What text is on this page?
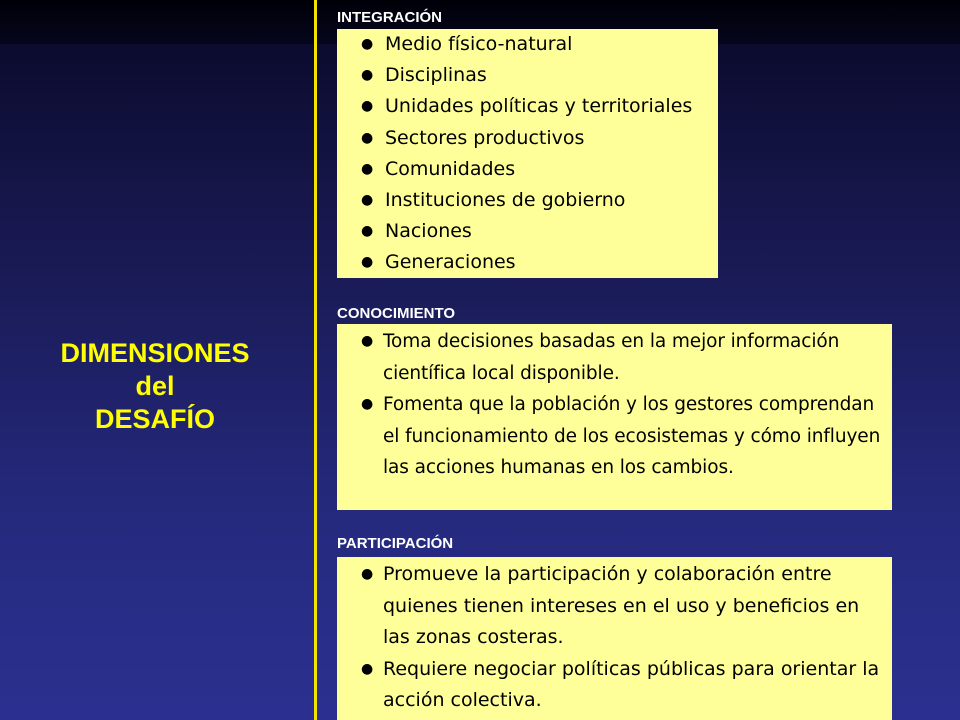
DIMENSIONES
del
DESAFÍO
INTEGRACIÓN
● Medio físico-natural
● Disciplinas
● Unidades políticas y territoriales
● Sectores productivos
● Comunidades
● Instituciones de gobierno
● Naciones
● Generaciones
CONOCIMIENTO
● Toma decisiones basadas en la mejor información científica local disponible.
● Fomenta que la población y los gestores comprendan el funcionamiento de los ecosistemas y cómo influyen las acciones humanas en los cambios.
PARTICIPACIÓN
● Promueve la participación y colaboración entre quienes tienen intereses en el uso y beneficios en las zonas costeras.
● Requiere negociar políticas públicas para orientar la acción colectiva.
